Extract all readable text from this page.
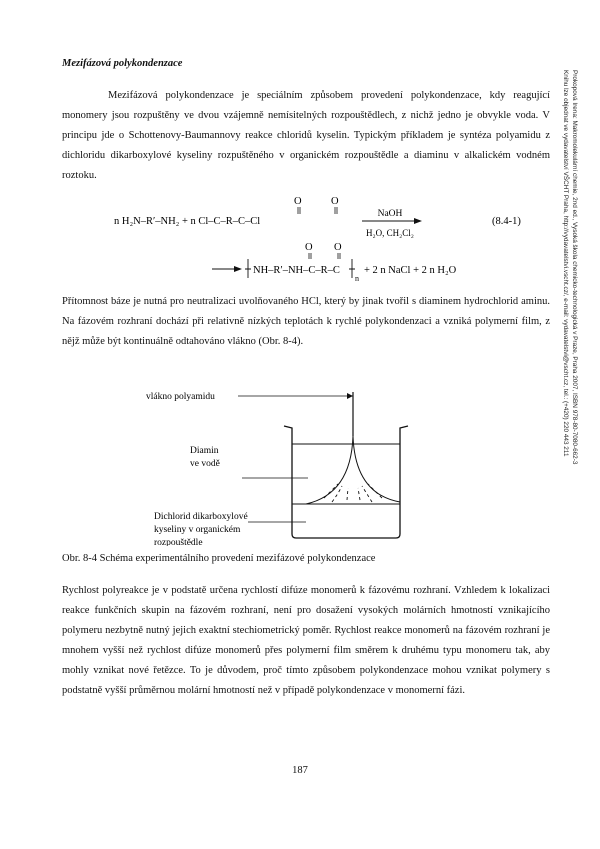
Mezifázová polykondenzace

Mezifázová polykondenzace je speciálním způsobem provedení polykondenzace, kdy reagující monomery jsou rozpuštěny ve dvou vzájemně nemísitelných rozpouštědlech, z nichž jedno je obvykle voda. V principu jde o Schottenovy-Baumannovy reakce chloridů kyselin. Typickým příkladem je syntéza polyamidu z dichloridu dikarboxylové kyseliny rozpuštěného v organickém rozpouštědle a diaminu v alkalickém vodném roztoku.

O	O
n H₂N–R′–NH₂ + n Cl–C–R–C–Cl
NaOH
H₂O, CH₂Cl₂
(8.4-1)
O O
NH–R′–NH–C–R–C
n
+ 2 n NaCl + 2 n H₂O

Přítomnost báze je nutná pro neutralizaci uvolňovaného HCl, který by jinak tvořil s diaminem hydrochlorid aminu. Na fázovém rozhraní dochází při relativně nízkých teplotách k rychlé polykondenzaci a vzniká polymerní film, z nějž může být kontinuálně odtahováno vlákno (Obr. 8-4).

vlákno polyamidu
Diamin
ve vodě
Dichlorid dikarboxylové
kyseliny v organickém
rozpouštědle
Obr. 8-4 Schéma experimentálního provedení mezifázové polykondenzace

Rychlost polyreakce je v podstatě určena rychlostí difúze monomerů k fázovému rozhraní. Vzhledem k lokalizaci reakce funkčních skupin na fázovém rozhraní, není pro dosažení vysokých molárních hmotností vznikajícího polymeru nezbytně nutný jejich exaktní stechiometrický poměr. Rychlost reakce monomerů na fázovém rozhraní je mnohem vyšší než rychlost difúze monomerů přes polymerní film směrem k druhému typu monomeru tak, aby mohly vznikat nové řetězce. To je důvodem, proč tímto způsobem polykondenzace mohou vznikat polymery s podstatně vyšší průměrnou molární hmotností než v případě polykondenzace v monomerní fázi.

Prokopová Irena: Makromolekulární chemie, 2nd ed., Vysoká škola chemicko-technologická v Praze, Praha 2007, ISBN 978-80-7080-662-3
Knihu lze objednat ve vydavatelství VŠCHT Praha, http://vydavatelstvi.vscht.cz/, e-mail: vydavatelstvi@vscht.cz, tel.: (+420) 220 443 211
187
